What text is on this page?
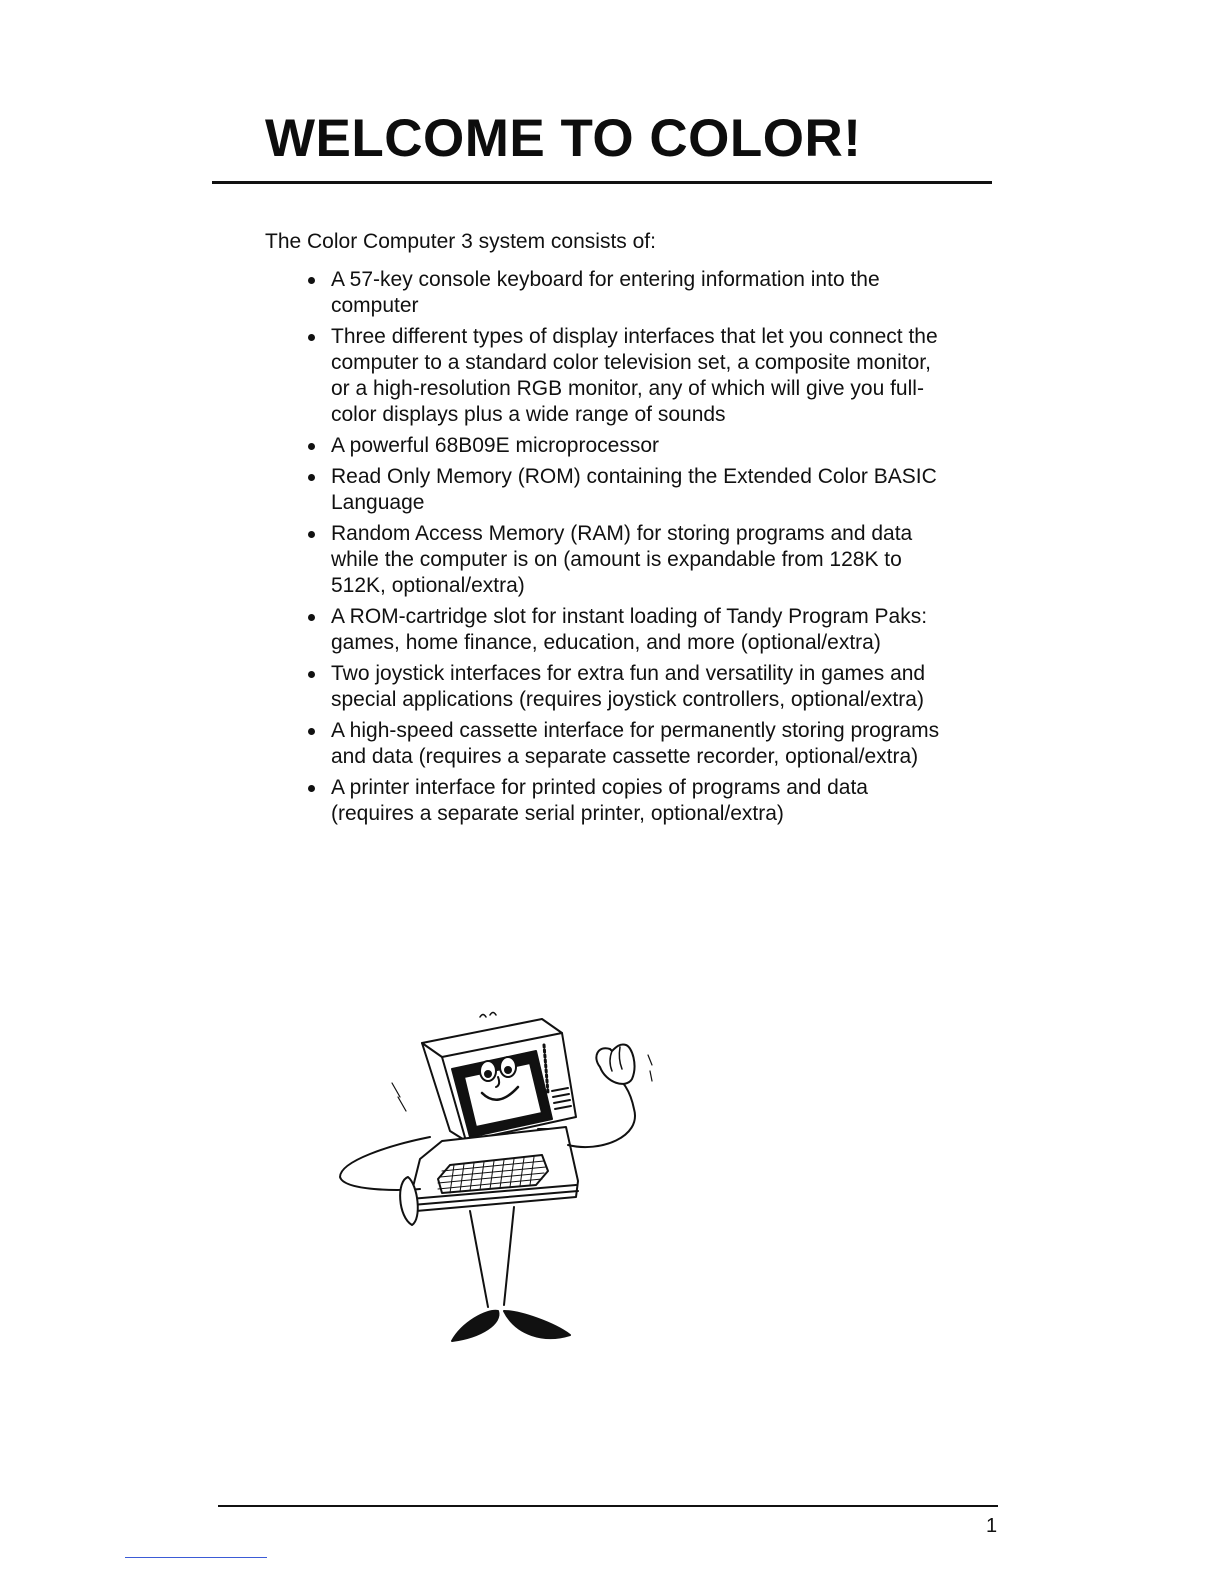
WELCOME TO COLOR!

The Color Computer 3 system consists of:

A 57-key console keyboard for entering information into the computer
Three different types of display interfaces that let you connect the computer to a standard color television set, a composite monitor, or a high-resolution RGB monitor, any of which will give you full-color displays plus a wide range of sounds
A powerful 68B09E microprocessor
Read Only Memory (ROM) containing the Extended Color BASIC Language
Random Access Memory (RAM) for storing programs and data while the computer is on (amount is expandable from 128K to 512K, optional/extra)
A ROM-cartridge slot for instant loading of Tandy Program Paks: games, home finance, education, and more (optional/extra)
Two joystick interfaces for extra fun and versatility in games and special applications (requires joystick controllers, optional/extra)
A high-speed cassette interface for permanently storing programs and data (requires a separate cassette recorder, optional/extra)
A printer interface for printed copies of programs and data (requires a separate serial printer, optional/extra)
1
